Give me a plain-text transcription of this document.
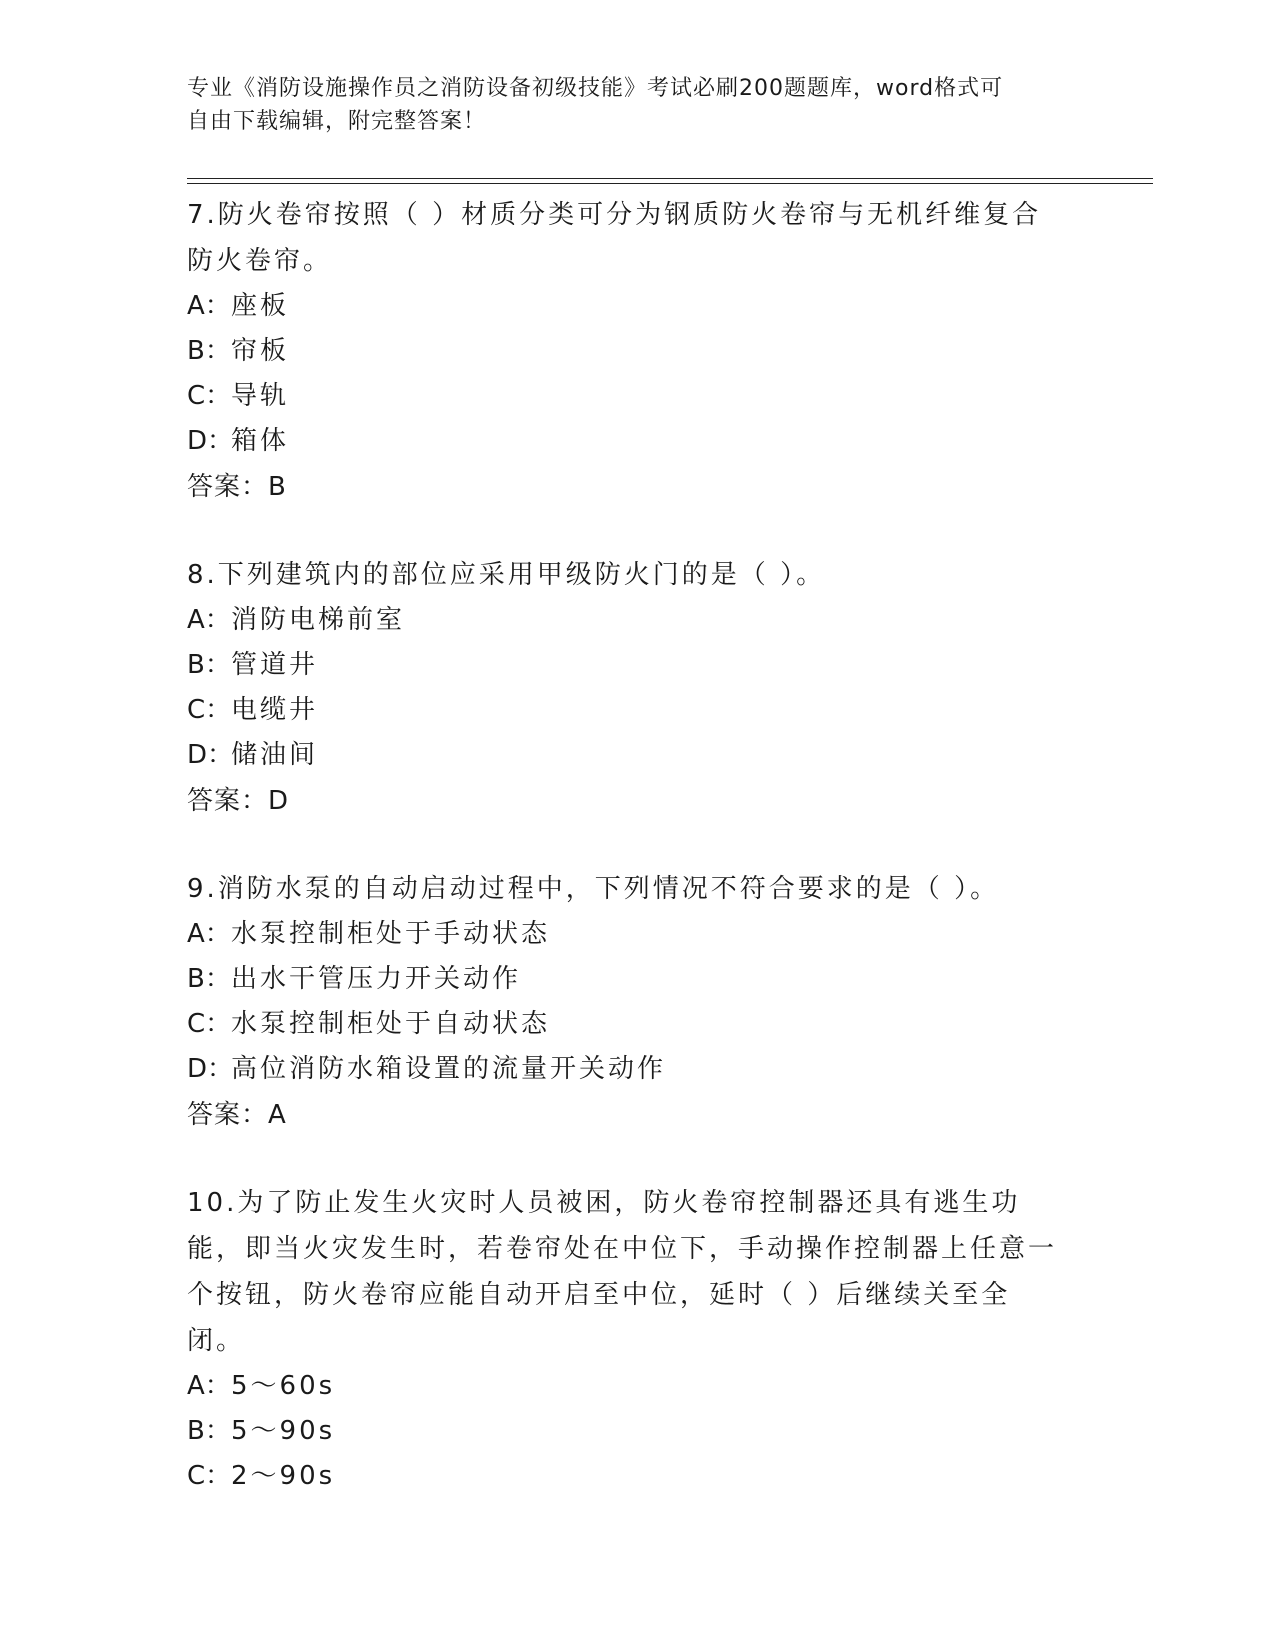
专业《消防设施操作员之消防设备初级技能》考试必刷200题题库，word格式可
自由下载编辑，附完整答案！

7.防火卷帘按照（ ）材质分类可分为钢质防火卷帘与无机纤维复合防火卷帘。

A：座板

B：帘板

C：导轨

D：箱体

答案：B

8.下列建筑内的部位应采用甲级防火门的是（ ）。

A：消防电梯前室

B：管道井

C：电缆井

D：储油间

答案：D

9.消防水泵的自动启动过程中，下列情况不符合要求的是（ ）。

A：水泵控制柜处于手动状态

B：出水干管压力开关动作

C：水泵控制柜处于自动状态

D：高位消防水箱设置的流量开关动作

答案：A

10.为了防止发生火灾时人员被困，防火卷帘控制器还具有逃生功能，即当火灾发生时，若卷帘处在中位下，手动操作控制器上任意一个按钮，防火卷帘应能自动开启至中位，延时（ ）后继续关至全闭。

A：5～60s

B：5～90s

C：2～90s
